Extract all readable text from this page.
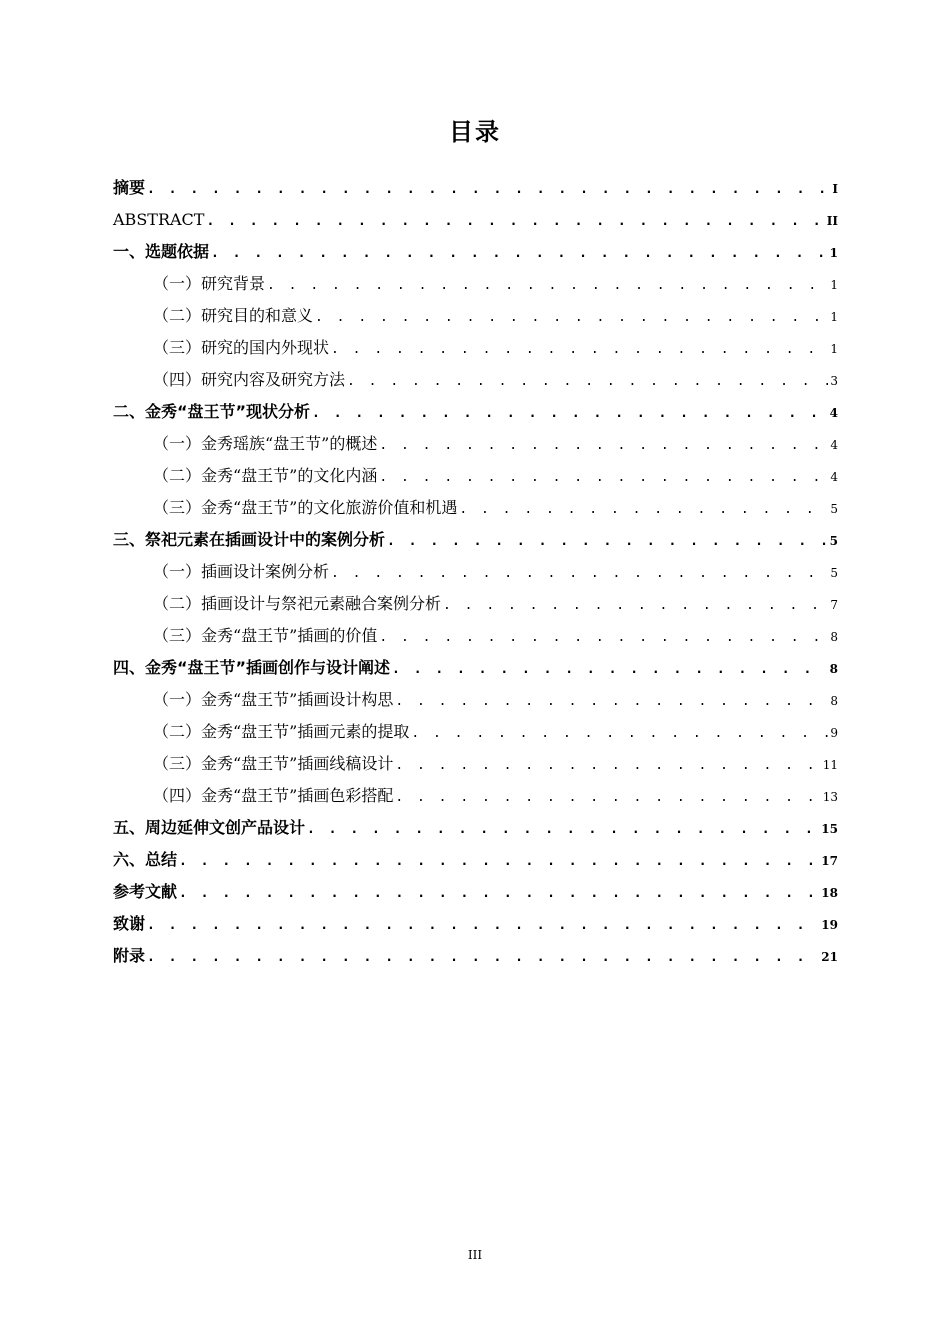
目录
摘要 . . .	I
ABSTRACT . . .	II
一、选题依据 . . .	1
（一）研究背景 . . .	1
（二）研究目的和意义 . . .	1
（三）研究的国内外现状 . . .	1
（四）研究内容及研究方法 . . .	3
二、金秀“盘王节”现状分析 . . .	4
（一）金秀瑶族“盘王节”的概述 . . .	4
（二）金秀“盘王节”的文化内涵 . . .	4
（三）金秀“盘王节”的文化旅游价值和机遇 . . .	5
三、祭祀元素在插画设计中的案例分析 . . .	5
（一）插画设计案例分析 . . .	5
（二）插画设计与祭祀元素融合案例分析 . . .	7
（三）金秀“盘王节”插画的价值 . . .	8
四、金秀“盘王节”插画创作与设计阐述 . . .	8
（一）金秀“盘王节”插画设计构思 . . .	8
（二）金秀“盘王节”插画元素的提取 . . .	9
（三）金秀“盘王节”插画线稿设计 . . .	11
（四）金秀“盘王节”插画色彩搭配 . . .	13
五、周边延伸文创产品设计 . . .	15
六、总结 . . .	17
参考文献 . . .	18
致谢 . . .	19
附录 . . .	21
III
